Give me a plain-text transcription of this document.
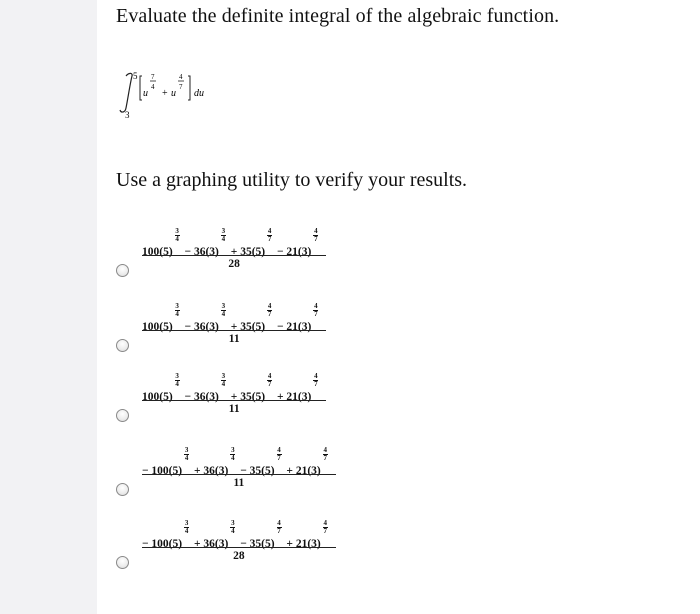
Evaluate the definite integral of the algebraic function.
5
3
u
7
4
+ u
4
7
du
Use a graphing utility to verify your results.
100(5)
$^{3 4}$
− 36(3)
$^{3 4}$
+ 35(5)
$^{4 7}$
− 21(3)
$^{4 7}$
28
100(5)
$^{3 4}$
− 36(3)
$^{3 4}$
+ 35(5)
$^{4 7}$
− 21(3)
$^{4 7}$
11
100(5)
$^{3 4}$
− 36(3)
$^{3 4}$
+ 35(5)
$^{4 7}$
+ 21(3)
$^{4 7}$
11
− 100(5)
$^{3 4}$
+ 36(3)
$^{3 4}$
− 35(5)
$^{4 7}$
+ 21(3)
$^{4 7}$
11
− 100(5)
$^{3 4}$
+ 36(3)
$^{3 4}$
− 35(5)
$^{4 7}$
+ 21(3)
$^{4 7}$
28
